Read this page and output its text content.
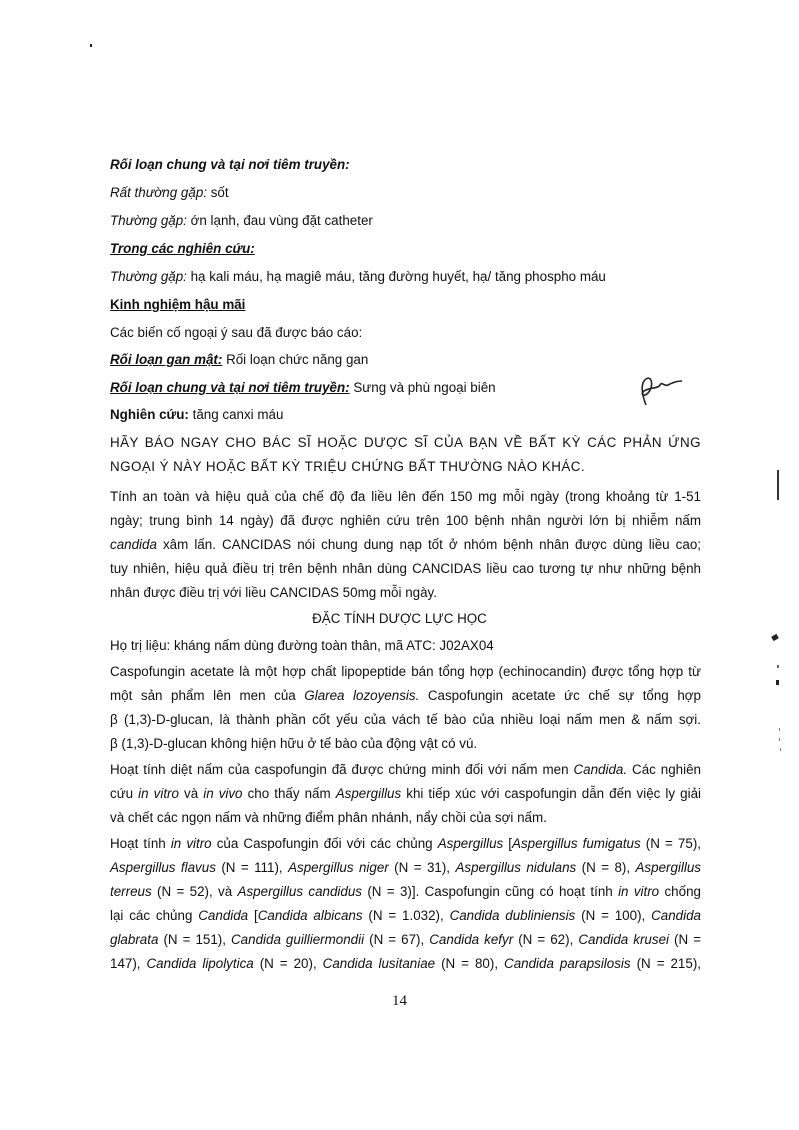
Rối loạn chung và tại nơi tiêm truyền:
Rất thường gặp: sốt
Thường gặp: ớn lạnh, đau vùng đặt catheter
Trong các nghiên cứu:
Thường gặp: hạ kali máu, hạ magiê máu, tăng đường huyết, hạ/ tăng phospho máu
Kinh nghiệm hậu mãi
Các biến cố ngoại ý sau đã được báo cáo:
Rối loạn gan mật: Rối loạn chức năng gan
Rối loạn chung và tại nơi tiêm truyền: Sưng và phù ngoại biên
Nghiên cứu: tăng canxi máu
HÃY BÁO NGAY CHO BÁC SĨ HOẶC DƯỢC SĨ CỦA BẠN VỀ BẤT KỲ CÁC PHẢN ỨNG
NGOẠI Ý NÀY HOẶC BẤT KỲ TRIỆU CHỨNG BẤT THƯỜNG NÀO KHÁC.
Tính an toàn và hiệu quả của chế độ đa liều lên đến 150 mg mỗi ngày (trong khoảng từ 1-51
ngày; trung bình 14 ngày) đã được nghiên cứu trên 100 bệnh nhân người lớn bị nhiễm nấm
candida xâm lấn. CANCIDAS nói chung dung nạp tốt ở nhóm bệnh nhân được dùng liều cao;
tuy nhiên, hiệu quả điều trị trên bệnh nhân dùng CANCIDAS liều cao tương tự như những bệnh
nhân được điều trị với liều CANCIDAS 50mg mỗi ngày.
ĐẶC TÍNH DƯỢC LỰC HỌC
Họ trị liệu: kháng nấm dùng đường toàn thân, mã ATC: J02AX04
Caspofungin acetate là một hợp chất lipopeptide bán tổng hợp (echinocandin) được tổng hợp từ
một sản phẩm lên men của Glarea lozoyensis. Caspofungin acetate ức chế sự tổng hợp
β (1,3)-D-glucan, là thành phần cốt yếu của vách tế bào của nhiều loại nấm men & nấm sợi.
β (1,3)-D-glucan không hiện hữu ở tế bào của động vật có vú.
Hoạt tính diệt nấm của caspofungin đã được chứng minh đối với nấm men Candida. Các nghiên
cứu in vitro và in vivo cho thấy nấm Aspergillus khi tiếp xúc với caspofungin dẫn đến việc ly giải
và chết các ngọn nấm và những điểm phân nhánh, nẩy chồi của sợi nấm.
Hoạt tính in vitro của Caspofungin đối với các chủng Aspergillus [Aspergillus fumigatus (N = 75),
Aspergillus flavus (N = 111), Aspergillus niger (N = 31), Aspergillus nidulans (N = 8), Aspergillus
terreus (N = 52), và Aspergillus candidus (N = 3)]. Caspofungin cũng có hoạt tính in vitro chống
lại các chủng Candida [Candida albicans (N = 1.032), Candida dubliniensis (N = 100), Candida
glabrata (N = 151), Candida guilliermondii (N = 67), Candida kefyr (N = 62), Candida krusei (N =
147), Candida lipolytica (N = 20), Candida lusitaniae (N = 80), Candida parapsilosis (N = 215),
14
